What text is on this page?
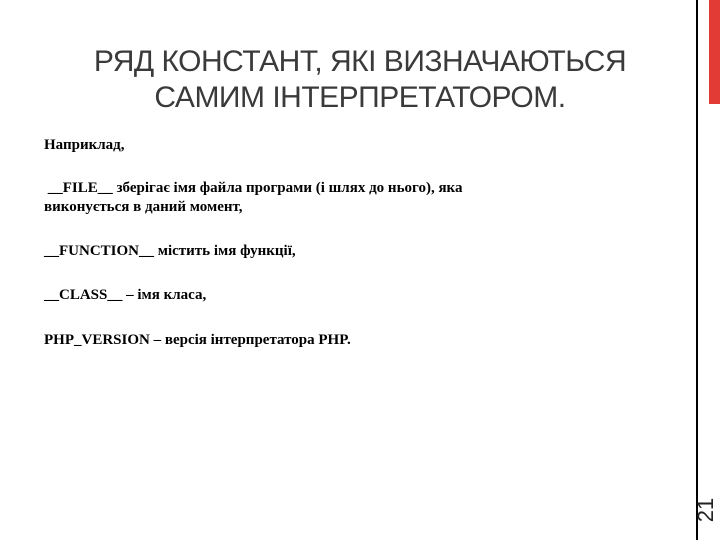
РЯД КОНСТАНТ, ЯКІ ВИЗНАЧАЮТЬСЯ
САМИМ ІНТЕРПРЕТАТОРОМ.
Наприклад,
__FILE__ зберігає імя файла програми (і шлях до нього), яка
виконується в даний момент,
__FUNCTION__ містить імя функції,
__CLASS__ – імя класа,
PHP_VERSION – версія інтерпретатора PHP.
21
